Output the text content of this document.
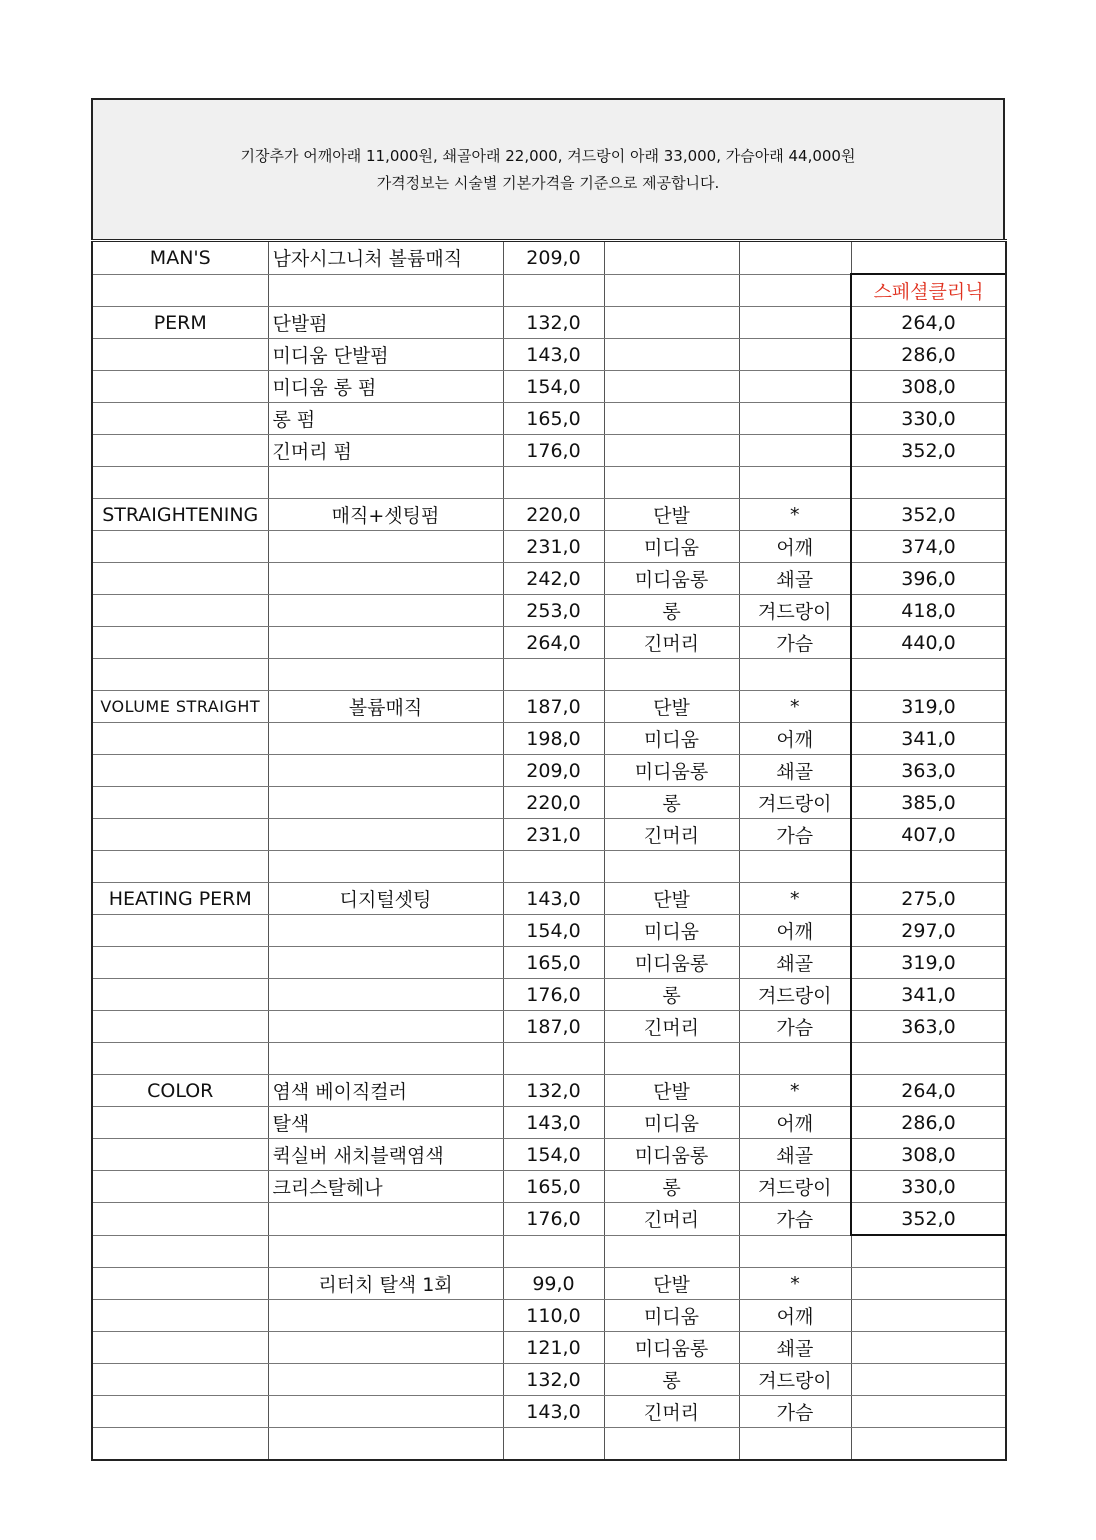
기장추가 어깨아래 11,000원, 쇄골아래 22,000, 겨드랑이 아래 33,000, 가슴아래 44,000원
가격정보는 시술별 기본가격을 기준으로 제공합니다.
MAN'S	남자시그니처 볼륨매직	209,0			
					스페셜클리닉
PERM	단발펌	132,0			264,0
	미디움 단발펌	143,0			286,0
	미디움 롱 펌	154,0			308,0
	롱 펌	165,0			330,0
	긴머리 펌	176,0			352,0

STRAIGHTENING	매직+셋팅펌	220,0	단발	*	352,0
		231,0	미디움	어깨	374,0
		242,0	미디움롱	쇄골	396,0
		253,0	롱	겨드랑이	418,0
		264,0	긴머리	가슴	440,0

VOLUME STRAIGHT	볼륨매직	187,0	단발	*	319,0
		198,0	미디움	어깨	341,0
		209,0	미디움롱	쇄골	363,0
		220,0	롱	겨드랑이	385,0
		231,0	긴머리	가슴	407,0

HEATING PERM	디지털셋팅	143,0	단발	*	275,0
		154,0	미디움	어깨	297,0
		165,0	미디움롱	쇄골	319,0
		176,0	롱	겨드랑이	341,0
		187,0	긴머리	가슴	363,0

COLOR	염색 베이직컬러	132,0	단발	*	264,0
	탈색	143,0	미디움	어깨	286,0
	퀵실버 새치블랙염색	154,0	미디움롱	쇄골	308,0
	크리스탈헤나	165,0	롱	겨드랑이	330,0
		176,0	긴머리	가슴	352,0

	리터치 탈색 1회	99,0	단발	*	
		110,0	미디움	어깨	
		121,0	미디움롱	쇄골	
		132,0	롱	겨드랑이	
		143,0	긴머리	가슴	
